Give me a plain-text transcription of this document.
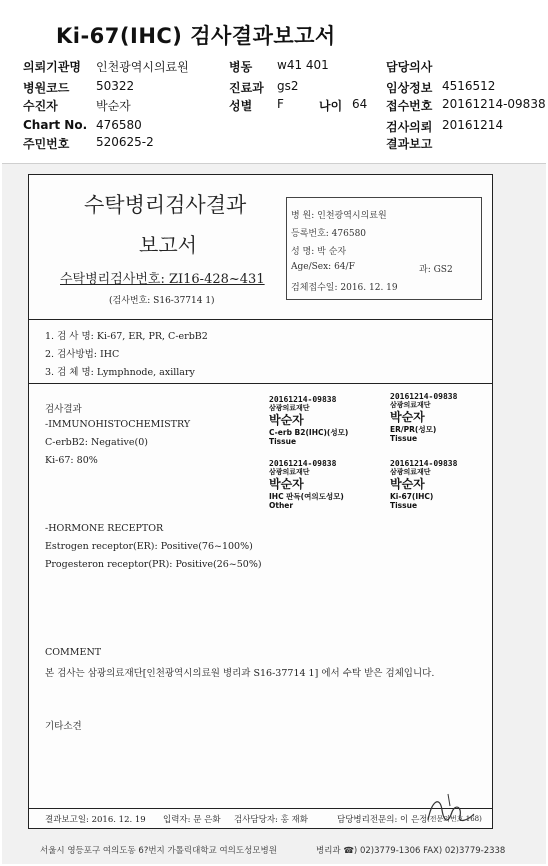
Ki-67(IHC) 검사결과보고서
의뢰기관명 인천광역시의료원
병원코드 50322
수진자	박순자
Chart No. 476580
주민번호 520625-2
병동 w41 401
진료과 gs2
성별 F	나이 64
담당의사
임상정보 4516512
접수번호 20161214-09838
검사의뢰 20161214
결과보고
수탁병리검사결과
보고서
수탁병리검사번호: ZI16-428~431
(검사번호: S16-37714 1)
병 원: 인천광역시의료원
등록번호: 476580
성 명: 박 순자
Age/Sex: 64/F	과: GS2
검체접수일: 2016. 12. 19
1. 검 사 명: Ki-67, ER, PR, C-erbB2
2. 검사방법: IHC
3. 검 체 명: Lymphnode, axillary
검사결과
-IMMUNOHISTOCHEMISTRY
C-erbB2: Negative(0)
Ki-67: 80%
20161214-09838
삼광의료재단
박순자
C-erb B2(IHC)(성모)
Tissue
20161214-09838
삼광의료재단
박순자
ER/PR(성모)
Tissue
20161214-09838
삼광의료재단
박순자
IHC 판독(여의도성모)
Other
20161214-09838
삼광의료재단
박순자
Ki-67(IHC)
Tissue
-HORMONE RECEPTOR
Estrogen receptor(ER): Positive(76~100%)
Progesteron receptor(PR): Positive(26~50%)
COMMENT
본 검사는 삼광의료재단[인천광역시의료원 병리과 S16-37714 1] 에서 수탁 받은 검체입니다.
기타소견
결과보고일: 2016. 12. 19 입력자: 문 은화 검사담당자: 홍 재화	담당병리전문의: 이 은정 (전문의번호 168)
서울시 영등포구 여의도동 6?번지 가톨릭대학교 여의도성모병원	병리과 ☎) 02)3779-1306 FAX) 02)3779-2338
